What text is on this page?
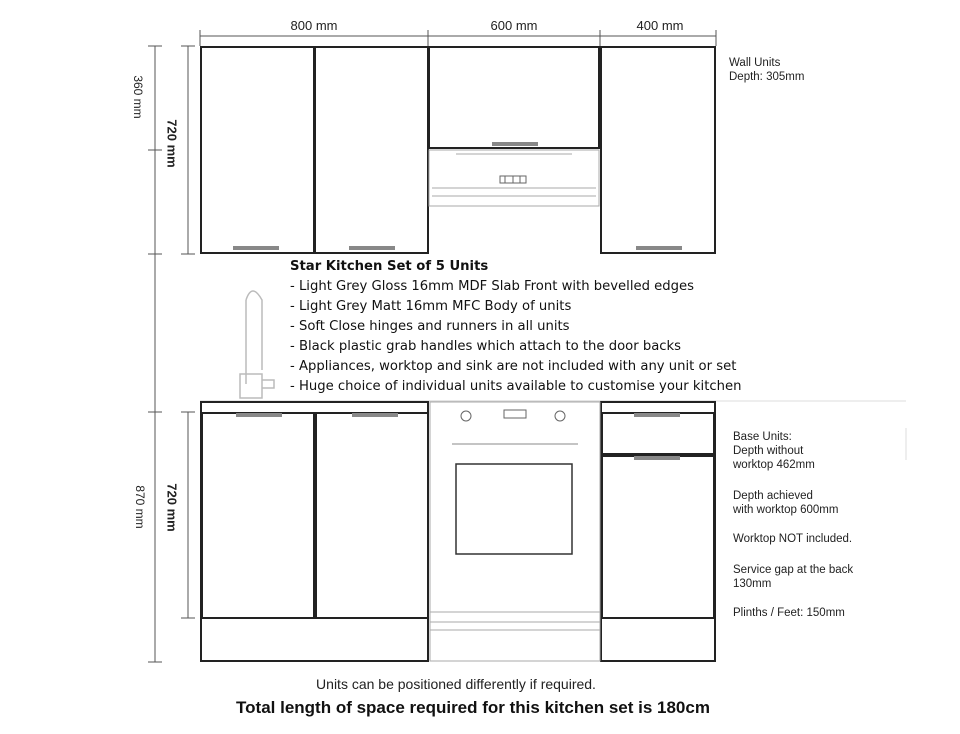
800 mm	600 mm	400 mm
360 mm
720 mm
870 mm 720 mm
Wall Units
Depth: 305mm
Star Kitchen Set of 5 Units
- Light Grey Gloss 16mm MDF Slab Front with bevelled edges
- Light Grey Matt 16mm MFC Body of units
- Soft Close hinges and runners in all units
- Black plastic grab handles which attach to the door backs
- Appliances, worktop and sink are not included with any unit or set
- Huge choice of individual units available to customise your kitchen
Base Units:
Depth without
worktop 462mm
Depth achieved
with worktop 600mm
Worktop NOT included.
Service gap at the back
130mm
Plinths / Feet: 150mm
Units can be positioned differently if required.
Total length of space required for this kitchen set is 180cm
